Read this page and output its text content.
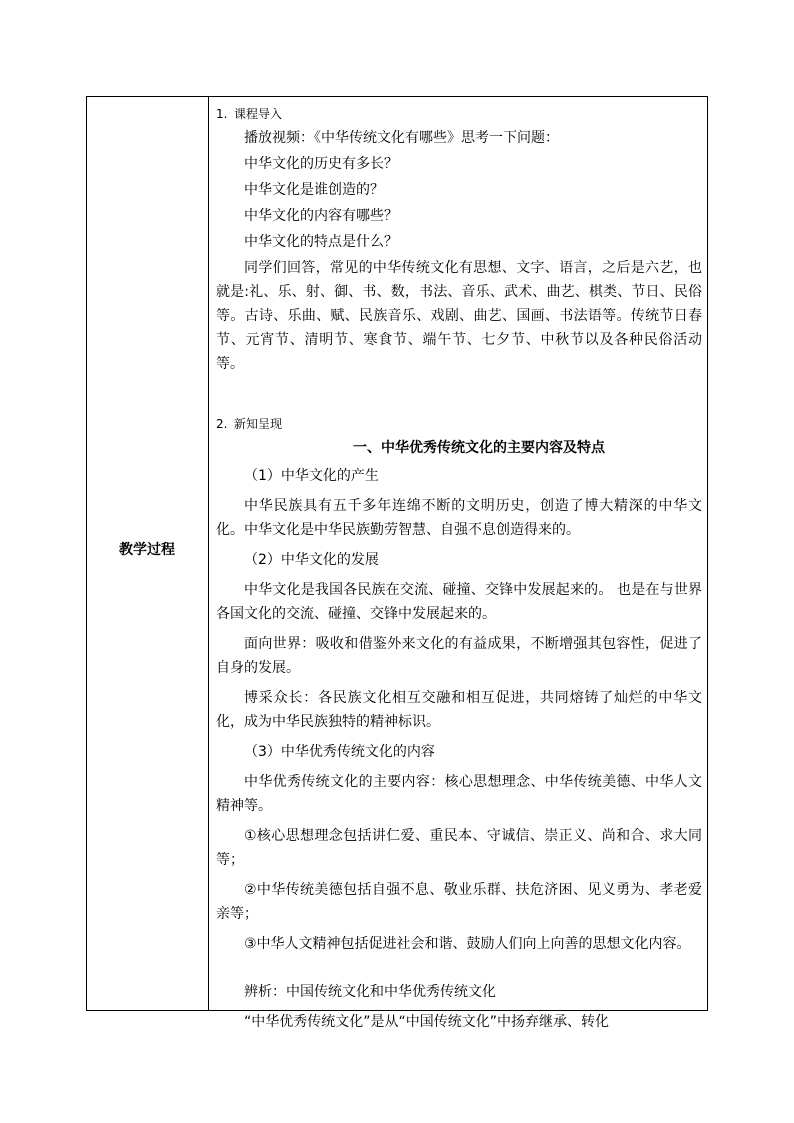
教学过程
1. 课程导入

播放视频：《中华传统文化有哪些》思考一下问题：

中华文化的历史有多长？

中华文化是谁创造的？

中华文化的内容有哪些？

中华文化的特点是什么？

同学们回答，常见的中华传统文化有思想、文字、语言，之后是六艺，也就是:礼、乐、射、御、书、数，书法、音乐、武术、曲艺、棋类、节日、民俗等。古诗、乐曲、赋、民族音乐、戏剧、曲艺、国画、书法语等。传统节日春节、元宵节、清明节、寒食节、端午节、七夕节、中秋节以及各种民俗活动等。

2. 新知呈现
一、中华优秀传统文化的主要内容及特点
（1）中华文化的产生

中华民族具有五千多年连绵不断的文明历史，创造了博大精深的中华文化。中华文化是中华民族勤劳智慧、自强不息创造得来的。

（2）中华文化的发展

中华文化是我国各民族在交流、碰撞、交锋中发展起来的。 也是在与世界各国文化的交流、碰撞、交锋中发展起来的。

面向世界：吸收和借鉴外来文化的有益成果，不断增强其包容性，促进了自身的发展。

博采众长：各民族文化相互交融和相互促进，共同熔铸了灿烂的中华文化，成为中华民族独特的精神标识。

（3）中华优秀传统文化的内容

中华优秀传统文化的主要内容：核心思想理念、中华传统美德、中华人文精神等。

①核心思想理念包括讲仁爱、重民本、守诚信、崇正义、尚和合、求大同等；

②中华传统美德包括自强不息、敬业乐群、扶危济困、见义勇为、孝老爱亲等；

③中华人文精神包括促进社会和谐、鼓励人们向上向善的思想文化内容。

辨析：中国传统文化和中华优秀传统文化

“中华优秀传统文化”是从“中国传统文化”中扬弃继承、转化
